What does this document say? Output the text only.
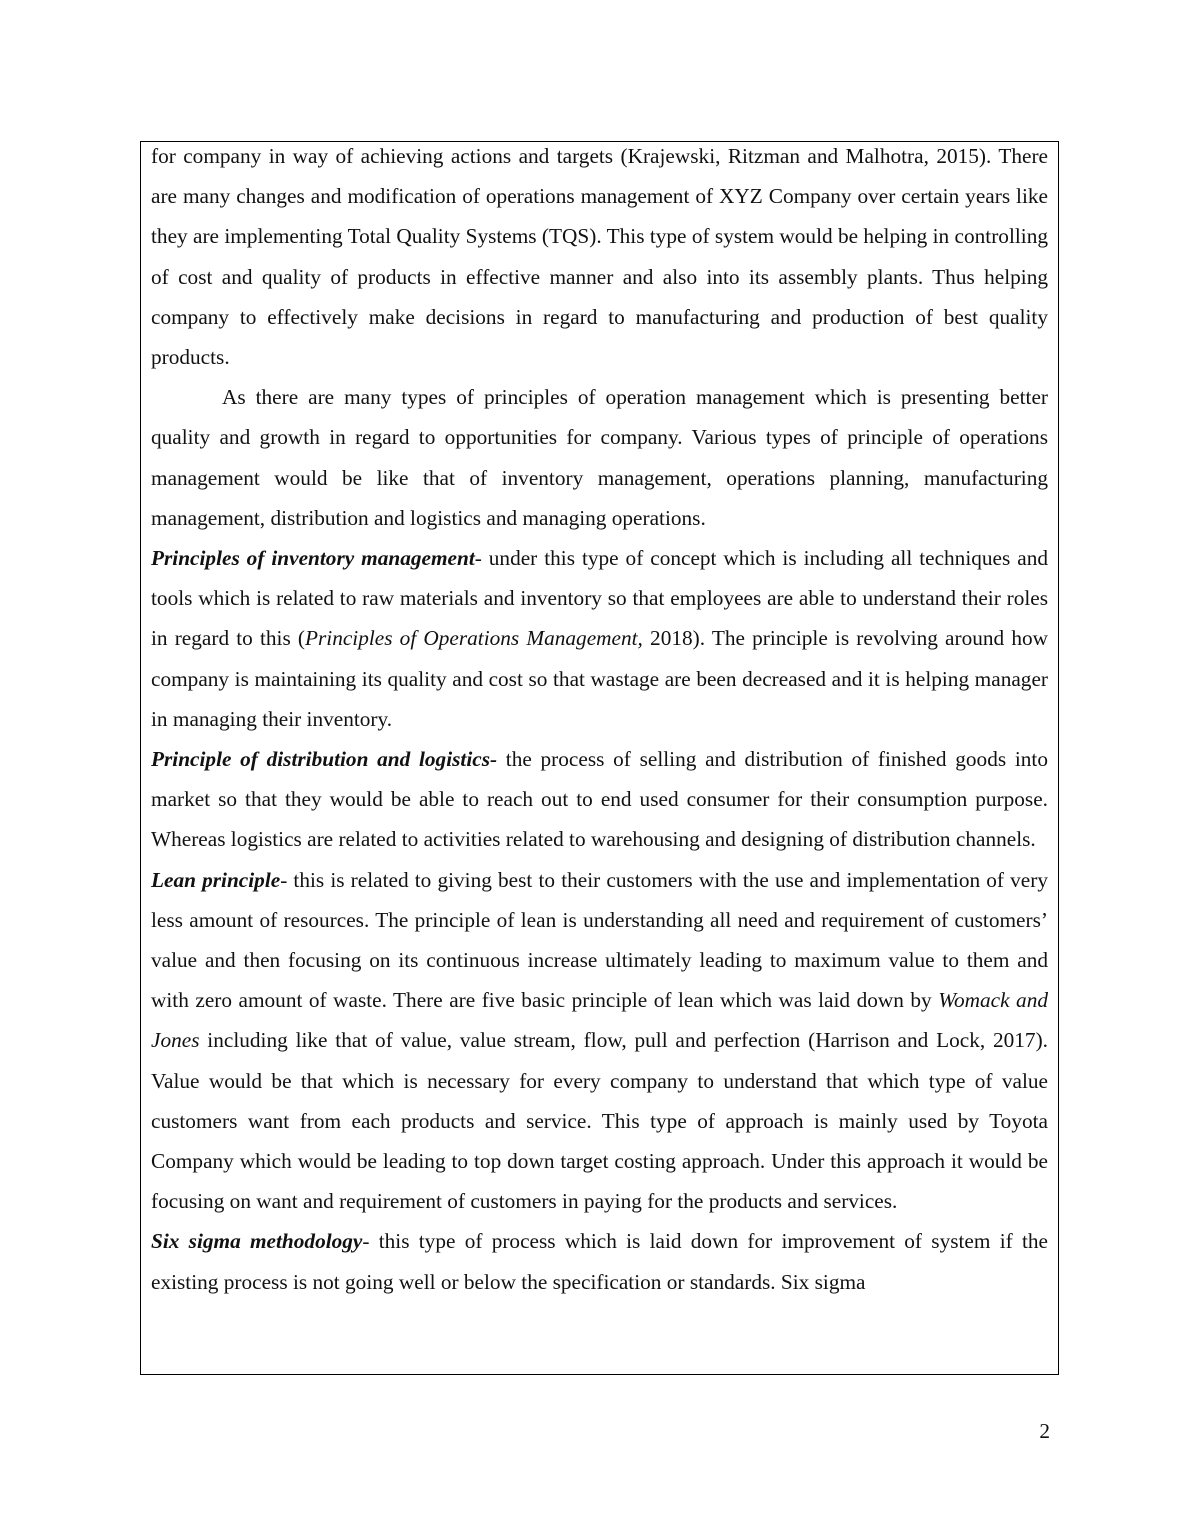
for company in way of achieving actions and targets (Krajewski, Ritzman and Malhotra, 2015). There are many changes and modification of operations management of XYZ Company over certain years like they are implementing Total Quality Systems (TQS). This type of system would be helping in controlling of cost and quality of products in effective manner and also into its assembly plants. Thus helping company to effectively make decisions in regard to manufacturing and production of best quality products.

As there are many types of principles of operation management which is presenting better quality and growth in regard to opportunities for company. Various types of principle of operations management would be like that of inventory management, operations planning, manufacturing management, distribution and logistics and managing operations.

Principles of inventory management- under this type of concept which is including all techniques and tools which is related to raw materials and inventory so that employees are able to understand their roles in regard to this (Principles of Operations Management, 2018). The principle is revolving around how company is maintaining its quality and cost so that wastage are been decreased and it is helping manager in managing their inventory.

Principle of distribution and logistics- the process of selling and distribution of finished goods into market so that they would be able to reach out to end used consumer for their consumption purpose. Whereas logistics are related to activities related to warehousing and designing of distribution channels.

Lean principle- this is related to giving best to their customers with the use and implementation of very less amount of resources. The principle of lean is understanding all need and requirement of customers’ value and then focusing on its continuous increase ultimately leading to maximum value to them and with zero amount of waste. There are five basic principle of lean which was laid down by Womack and Jones including like that of value, value stream, flow, pull and perfection (Harrison and Lock, 2017). Value would be that which is necessary for every company to understand that which type of value customers want from each products and service. This type of approach is mainly used by Toyota Company which would be leading to top down target costing approach. Under this approach it would be focusing on want and requirement of customers in paying for the products and services.

Six sigma methodology- this type of process which is laid down for improvement of system if the existing process is not going well or below the specification or standards. Six sigma

2
